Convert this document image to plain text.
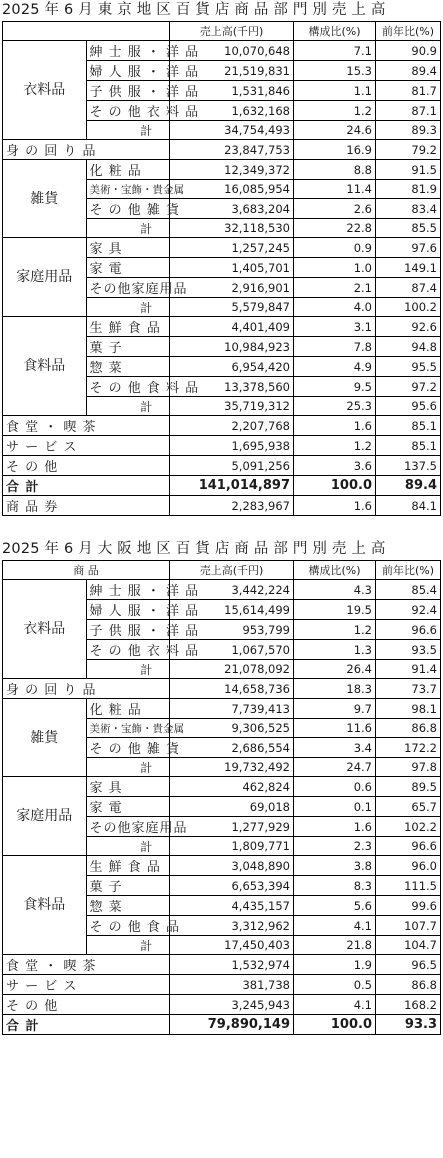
2025 年 6 月 東 京 地 区 百 貨 店 商 品 部 門 別 売 上 高
		売上高(千円)	構成比(%)	前年比(%)
衣料品	紳 士 服 ・ 洋 品	10,070,648	7.1	90.9
	婦 人 服 ・ 洋 品	21,519,831	15.3	89.4
	子 供 服 ・ 洋 品	1,531,846	1.1	81.7
	そ の 他 衣 料 品	1,632,168	1.2	87.1
	計	34,754,493	24.6	89.3
身 の 回 り 品		23,847,753	16.9	79.2
雑貨	化 粧 品	12,349,372	8.8	91.5
	美術・宝飾・貴金属	16,085,954	11.4	81.9
	そ の 他 雑 貨	3,683,204	2.6	83.4
	計	32,118,530	22.8	85.5
家庭用品	家 具	1,257,245	0.9	97.6
	家 電	1,405,701	1.0	149.1
	その他家庭用品	2,916,901	2.1	87.4
	計	5,579,847	4.0	100.2
食料品	生 鮮 食 品	4,401,409	3.1	92.6
	菓 子	10,984,923	7.8	94.8
	惣 菜	6,954,420	4.9	95.5
	そ の 他 食 料 品	13,378,560	9.5	97.2
	計	35,719,312	25.3	95.6
食 堂 ・ 喫 茶		2,207,768	1.6	85.1
サ ー ビ ス		1,695,938	1.2	85.1
そ の 他		5,091,256	3.6	137.5
合 計		141,014,897	100.0	89.4
商 品 券		2,283,967	1.6	84.1
2025 年 6 月 大 阪 地 区 百 貨 店 商 品 部 門 別 売 上 高
商 品		売上高(千円)	構成比(%)	前年比(%)
衣料品	紳 士 服 ・ 洋 品	3,442,224	4.3	85.4
	婦 人 服 ・ 洋 品	15,614,499	19.5	92.4
	子 供 服 ・ 洋 品	953,799	1.2	96.6
	そ の 他 衣 料 品	1,067,570	1.3	93.5
	計	21,078,092	26.4	91.4
身 の 回 り 品		14,658,736	18.3	73.7
雑貨	化 粧 品	7,739,413	9.7	98.1
	美術・宝飾・貴金属	9,306,525	11.6	86.8
	そ の 他 雑 貨	2,686,554	3.4	172.2
	計	19,732,492	24.7	97.8
家庭用品	家 具	462,824	0.6	89.5
	家 電	69,018	0.1	65.7
	その他家庭用品	1,277,929	1.6	102.2
	計	1,809,771	2.3	96.6
食料品	生 鮮 食 品	3,048,890	3.8	96.0
	菓 子	6,653,394	8.3	111.5
	惣 菜	4,435,157	5.6	99.6
	そ の 他 食 品	3,312,962	4.1	107.7
	計	17,450,403	21.8	104.7
食 堂 ・ 喫 茶		1,532,974	1.9	96.5
サ ー ビ ス		381,738	0.5	86.8
そ の 他		3,245,943	4.1	168.2
合 計		79,890,149	100.0	93.3
